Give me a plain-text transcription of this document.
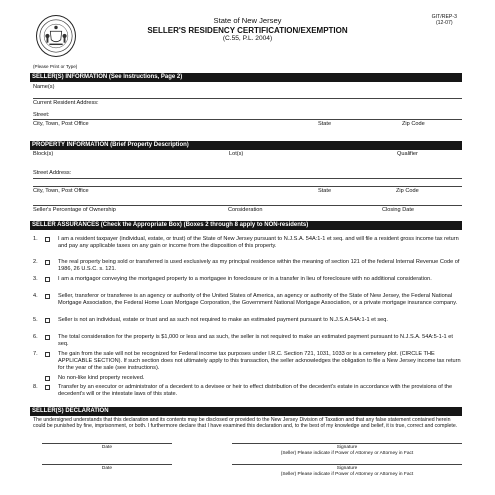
(Please Print or Type)
State of New Jersey
SELLER'S RESIDENCY CERTIFICATION/EXEMPTION
(C.55, P.L. 2004)
GIT/REP-3
(12-07)
SELLER(S) INFORMATION (See Instructions, Page 2)
Name(s)
Current Resident Address:
Street:
City, Town, Post Office	State	Zip Code
PROPERTY INFORMATION (Brief Property Description)
Block(s)	Lot(s)	Qualifier
Street Address:
City, Town, Post Office	State	Zip Code
Seller's Percentage of Ownership	Consideration	Closing Date
SELLER ASSURANCES (Check the Appropriate Box) (Boxes 2 through 8 apply to NON-residents)
1.	I am a resident taxpayer (individual, estate, or trust) of the State of New Jersey pursuant to N.J.S.A. 54A:1-1 et seq. and will file a resident gross income tax return and pay any applicable taxes on any gain or income from the disposition of this property.
2.	The real property being sold or transferred is used exclusively as my principal residence within the meaning of section 121 of the federal Internal Revenue Code of 1986, 26 U.S.C. s. 121.
3.	I am a mortgagor conveying the mortgaged property to a mortgagee in foreclosure or in a transfer in lieu of foreclosure with no additional consideration.
4.	Seller, transferor or transferee is an agency or authority of the United States of America, an agency or authority of the State of New Jersey, the Federal National Mortgage Association, the Federal Home Loan Mortgage Corporation, the Government National Mortgage Association, or a private mortgage insurance company.
5.	Seller is not an individual, estate or trust and as such not required to make an estimated payment pursuant to N.J.S.A.54A:1-1 et seq.
6.	The total consideration for the property is $1,000 or less and as such, the seller is not required to make an estimated payment pursuant to N.J.S.A. 54A:5-1-1 et seq.
7.	The gain from the sale will not be recognized for Federal income tax purposes under I.R.C. Section 721, 1031, 1033 or is a cemetery plot. (CIRCLE THE APPLICABLE SECTION). If such section does not ultimately apply to this transaction, the seller acknowledges the obligation to file a New Jersey income tax return for the year of the sale (see instructions).
No non-like kind property received.
8.	Transfer by an executor or administrator of a decedent to a devisee or heir to effect distribution of the decedent's estate in accordance with the provisions of the decedent's will or the intestate laws of this state.
SELLER(S) DECLARATION
The undersigned understands that this declaration and its contents may be disclosed or provided to the New Jersey Division of Taxation and that any false statement contained herein could be punished by fine, imprisonment, or both. I furthermore declare that I have examined this declaration and, to the best of my knowledge and belief, it is true, correct and complete.
Date	Signature
(Seller) Please indicate if Power of Attorney or Attorney in Fact
Date	Signature
(Seller) Please indicate if Power of Attorney or Attorney in Fact
